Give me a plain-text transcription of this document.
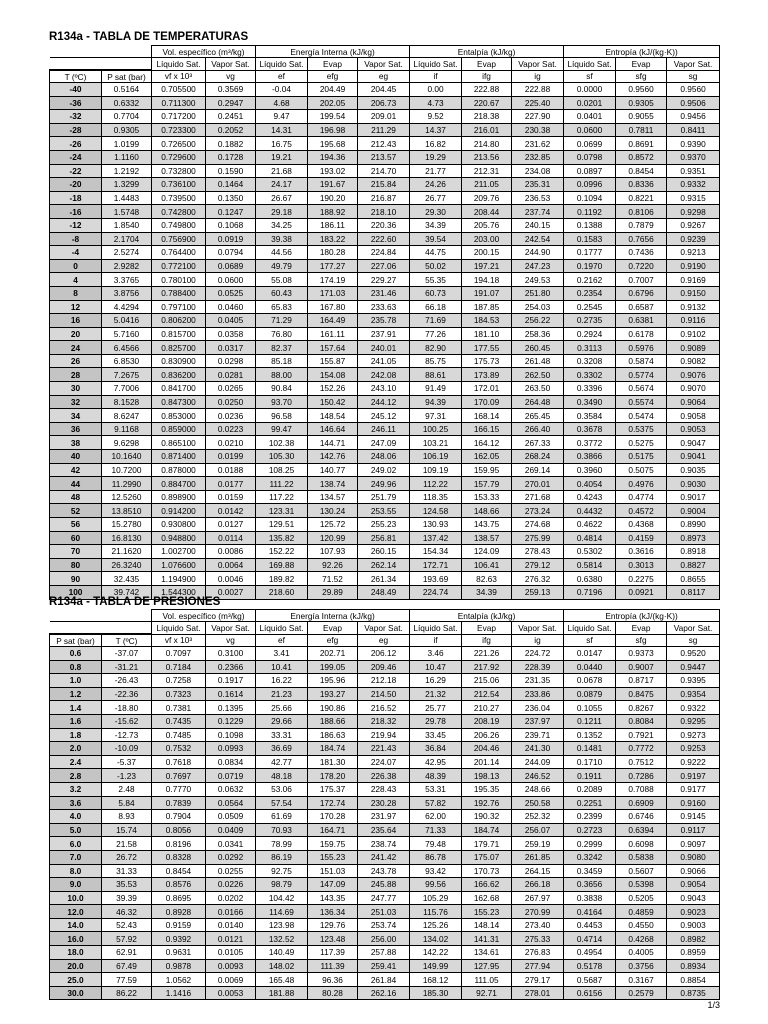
R134a - TABLA DE TEMPERATURAS
		Vol. específico (m³/kg)		Energía Interna (kJ/kg)			Entalpía (kJ/kg)			Entropía (kJ/(kg·K))		
		Líquido Sat.	Vapor Sat.	Líquido Sat.	Evap	Vapor Sat.	Líquido Sat.	Evap	Vapor Sat.	Líquido Sat.	Evap	Vapor Sat.
T (ºC)	P sat (bar)	vf x 10³	vg	ef	efg	eg	if	ifg	ig	sf	sfg	sg
-40	0.5164	0.705500	0.3569	-0.04	204.49	204.45	0.00	222.88	222.88	0.0000	0.9560	0.9560
-36	0.6332	0.711300	0.2947	4.68	202.05	206.73	4.73	220.67	225.40	0.0201	0.9305	0.9506
-32	0.7704	0.717200	0.2451	9.47	199.54	209.01	9.52	218.38	227.90	0.0401	0.9055	0.9456
-28	0.9305	0.723300	0.2052	14.31	196.98	211.29	14.37	216.01	230.38	0.0600	0.7811	0.8411
-26	1.0199	0.726500	0.1882	16.75	195.68	212.43	16.82	214.80	231.62	0.0699	0.8691	0.9390
-24	1.1160	0.729600	0.1728	19.21	194.36	213.57	19.29	213.56	232.85	0.0798	0.8572	0.9370
-22	1.2192	0.732800	0.1590	21.68	193.02	214.70	21.77	212.31	234.08	0.0897	0.8454	0.9351
-20	1.3299	0.736100	0.1464	24.17	191.67	215.84	24.26	211.05	235.31	0.0996	0.8336	0.9332
-18	1.4483	0.739500	0.1350	26.67	190.20	216.87	26.77	209.76	236.53	0.1094	0.8221	0.9315
-16	1.5748	0.742800	0.1247	29.18	188.92	218.10	29.30	208.44	237.74	0.1192	0.8106	0.9298
-12	1.8540	0.749800	0.1068	34.25	186.11	220.36	34.39	205.76	240.15	0.1388	0.7879	0.9267
-8	2.1704	0.756900	0.0919	39.38	183.22	222.60	39.54	203.00	242.54	0.1583	0.7656	0.9239
-4	2.5274	0.764400	0.0794	44.56	180.28	224.84	44.75	200.15	244.90	0.1777	0.7436	0.9213
0	2.9282	0.772100	0.0689	49.79	177.27	227.06	50.02	197.21	247.23	0.1970	0.7220	0.9190
4	3.3765	0.780100	0.0600	55.08	174.19	229.27	55.35	194.18	249.53	0.2162	0.7007	0.9169
8	3.8756	0.788400	0.0525	60.43	171.03	231.46	60.73	191.07	251.80	0.2354	0.6796	0.9150
12	4.4294	0.797100	0.0460	65.83	167.80	233.63	66.18	187.85	254.03	0.2545	0.6587	0.9132
16	5.0416	0.806200	0.0405	71.29	164.49	235.78	71.69	184.53	256.22	0.2735	0.6381	0.9116
20	5.7160	0.815700	0.0358	76.80	161.11	237.91	77.26	181.10	258.36	0.2924	0.6178	0.9102
24	6.4566	0.825700	0.0317	82.37	157.64	240.01	82.90	177.55	260.45	0.3113	0.5976	0.9089
26	6.8530	0.830900	0.0298	85.18	155.87	241.05	85.75	175.73	261.48	0.3208	0.5874	0.9082
28	7.2675	0.836200	0.0281	88.00	154.08	242.08	88.61	173.89	262.50	0.3302	0.5774	0.9076
30	7.7006	0.841700	0.0265	90.84	152.26	243.10	91.49	172.01	263.50	0.3396	0.5674	0.9070
32	8.1528	0.847300	0.0250	93.70	150.42	244.12	94.39	170.09	264.48	0.3490	0.5574	0.9064
34	8.6247	0.853000	0.0236	96.58	148.54	245.12	97.31	168.14	265.45	0.3584	0.5474	0.9058
36	9.1168	0.859000	0.0223	99.47	146.64	246.11	100.25	166.15	266.40	0.3678	0.5375	0.9053
38	9.6298	0.865100	0.0210	102.38	144.71	247.09	103.21	164.12	267.33	0.3772	0.5275	0.9047
40	10.1640	0.871400	0.0199	105.30	142.76	248.06	106.19	162.05	268.24	0.3866	0.5175	0.9041
42	10.7200	0.878000	0.0188	108.25	140.77	249.02	109.19	159.95	269.14	0.3960	0.5075	0.9035
44	11.2990	0.884700	0.0177	111.22	138.74	249.96	112.22	157.79	270.01	0.4054	0.4976	0.9030
48	12.5260	0.898900	0.0159	117.22	134.57	251.79	118.35	153.33	271.68	0.4243	0.4774	0.9017
52	13.8510	0.914200	0.0142	123.31	130.24	253.55	124.58	148.66	273.24	0.4432	0.4572	0.9004
56	15.2780	0.930800	0.0127	129.51	125.72	255.23	130.93	143.75	274.68	0.4622	0.4368	0.8990
60	16.8130	0.948800	0.0114	135.82	120.99	256.81	137.42	138.57	275.99	0.4814	0.4159	0.8973
70	21.1620	1.002700	0.0086	152.22	107.93	260.15	154.34	124.09	278.43	0.5302	0.3616	0.8918
80	26.3240	1.076600	0.0064	169.88	92.26	262.14	172.71	106.41	279.12	0.5814	0.3013	0.8827
90	32.435	1.194900	0.0046	189.82	71.52	261.34	193.69	82.63	276.32	0.6380	0.2275	0.8655
100	39.742	1.544300	0.0027	218.60	29.89	248.49	224.74	34.39	259.13	0.7196	0.0921	0.8117
R134a - TABLA DE PRESIONES
		Vol. específico (m³/kg)		Energía Interna (kJ/kg)			Entalpía (kJ/kg)			Entropía (kJ/(kg·K))		
		Líquido Sat.	Vapor Sat.	Líquido Sat.	Evap	Vapor Sat.	Líquido Sat.	Evap	Vapor Sat.	Líquido Sat.	Evap	Vapor Sat.
P sat (bar)	T (ºC)	vf x 10³	vg	ef	efg	eg	if	ifg	ig	sf	sfg	sg
0.6	-37.07	0.7097	0.3100	3.41	202.71	206.12	3.46	221.26	224.72	0.0147	0.9373	0.9520
0.8	-31.21	0.7184	0.2366	10.41	199.05	209.46	10.47	217.92	228.39	0.0440	0.9007	0.9447
1.0	-26.43	0.7258	0.1917	16.22	195.96	212.18	16.29	215.06	231.35	0.0678	0.8717	0.9395
1.2	-22.36	0.7323	0.1614	21.23	193.27	214.50	21.32	212.54	233.86	0.0879	0.8475	0.9354
1.4	-18.80	0.7381	0.1395	25.66	190.86	216.52	25.77	210.27	236.04	0.1055	0.8267	0.9322
1.6	-15.62	0.7435	0.1229	29.66	188.66	218.32	29.78	208.19	237.97	0.1211	0.8084	0.9295
1.8	-12.73	0.7485	0.1098	33.31	186.63	219.94	33.45	206.26	239.71	0.1352	0.7921	0.9273
2.0	-10.09	0.7532	0.0993	36.69	184.74	221.43	36.84	204.46	241.30	0.1481	0.7772	0.9253
2.4	-5.37	0.7618	0.0834	42.77	181.30	224.07	42.95	201.14	244.09	0.1710	0.7512	0.9222
2.8	-1.23	0.7697	0.0719	48.18	178.20	226.38	48.39	198.13	246.52	0.1911	0.7286	0.9197
3.2	2.48	0.7770	0.0632	53.06	175.37	228.43	53.31	195.35	248.66	0.2089	0.7088	0.9177
3.6	5.84	0.7839	0.0564	57.54	172.74	230.28	57.82	192.76	250.58	0.2251	0.6909	0.9160
4.0	8.93	0.7904	0.0509	61.69	170.28	231.97	62.00	190.32	252.32	0.2399	0.6746	0.9145
5.0	15.74	0.8056	0.0409	70.93	164.71	235.64	71.33	184.74	256.07	0.2723	0.6394	0.9117
6.0	21.58	0.8196	0.0341	78.99	159.75	238.74	79.48	179.71	259.19	0.2999	0.6098	0.9097
7.0	26.72	0.8328	0.0292	86.19	155.23	241.42	86.78	175.07	261.85	0.3242	0.5838	0.9080
8.0	31.33	0.8454	0.0255	92.75	151.03	243.78	93.42	170.73	264.15	0.3459	0.5607	0.9066
9.0	35.53	0.8576	0.0226	98.79	147.09	245.88	99.56	166.62	266.18	0.3656	0.5398	0.9054
10.0	39.39	0.8695	0.0202	104.42	143.35	247.77	105.29	162.68	267.97	0.3838	0.5205	0.9043
12.0	46.32	0.8928	0.0166	114.69	136.34	251.03	115.76	155.23	270.99	0.4164	0.4859	0.9023
14.0	52.43	0.9159	0.0140	123.98	129.76	253.74	125.26	148.14	273.40	0.4453	0.4550	0.9003
16.0	57.92	0.9392	0.0121	132.52	123.48	256.00	134.02	141.31	275.33	0.4714	0.4268	0.8982
18.0	62.91	0.9631	0.0105	140.49	117.39	257.88	142.22	134.61	276.83	0.4954	0.4005	0.8959
20.0	67.49	0.9878	0.0093	148.02	111.39	259.41	149.99	127.95	277.94	0.5178	0.3756	0.8934
25.0	77.59	1.0562	0.0069	165.48	96.36	261.84	168.12	111.05	279.17	0.5687	0.3167	0.8854
30.0	86.22	1.1416	0.0053	181.88	80.28	262.16	185.30	92.71	278.01	0.6156	0.2579	0.8735
1/3
